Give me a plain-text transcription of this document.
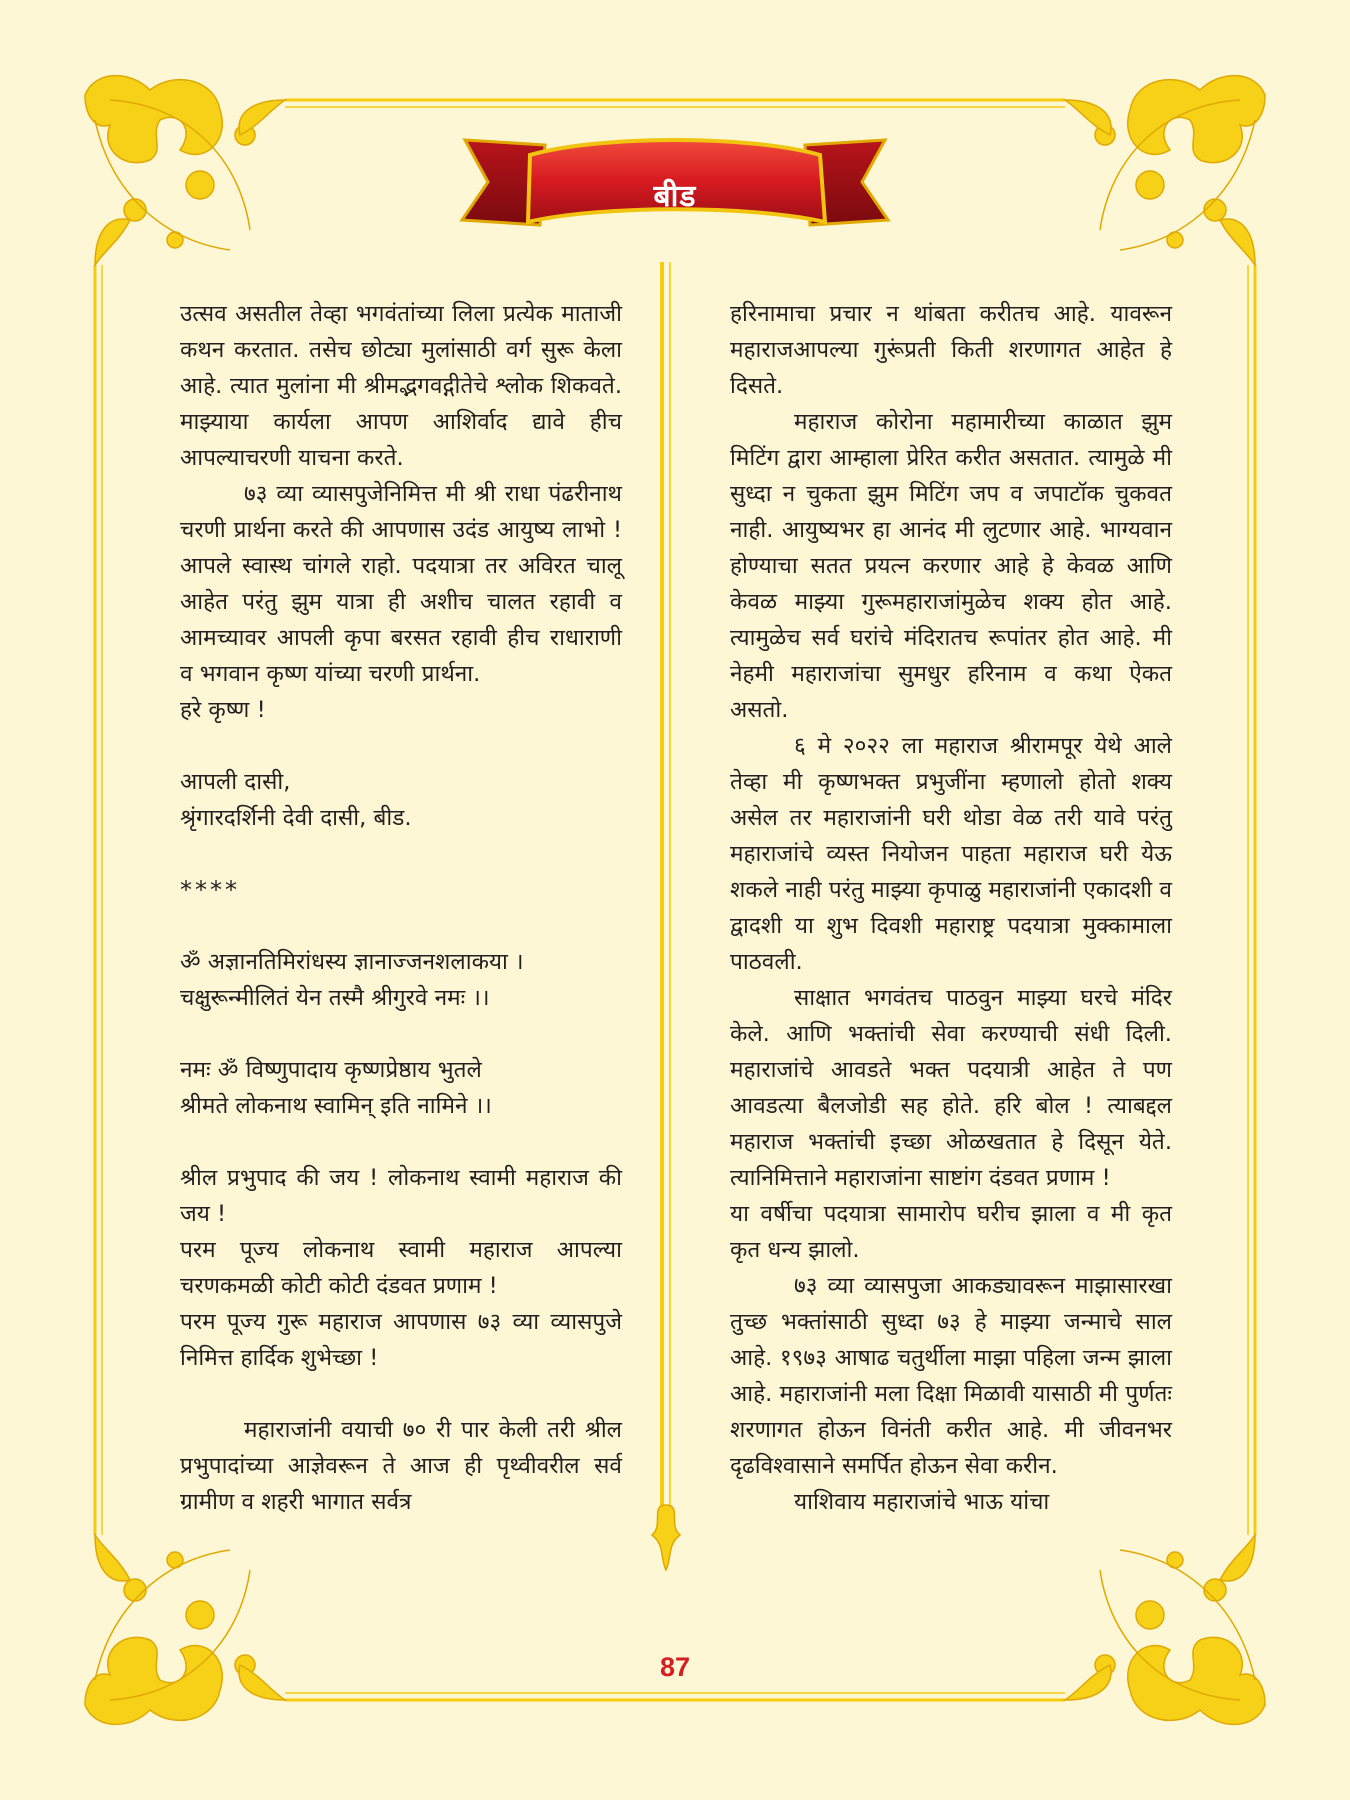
बीड

उत्सव असतील तेव्हा भगवंतांच्या लिला प्रत्येक माताजी कथन करतात. तसेच छोट्या मुलांसाठी वर्ग सुरू केला आहे. त्यात मुलांना मी श्रीमद्भगवद्गीतेचे श्लोक शिकवते. माझ्याया कार्यला आपण आशिर्वाद द्यावे हीच आपल्याचरणी याचना करते.

७३ व्या व्यासपुजेनिमित्त मी श्री राधा पंढरीनाथ चरणी प्रार्थना करते की आपणास उदंड आयुष्य लाभो ! आपले स्वास्थ चांगले राहो. पदयात्रा तर अविरत चालू आहेत परंतु झुम यात्रा ही अशीच चालत रहावी व आमच्यावर आपली कृपा बरसत रहावी हीच राधाराणी व भगवान कृष्ण यांच्या चरणी प्रार्थना.

हरे कृष्ण !

आपली दासी,

श्रृंगारदर्शिनी देवी दासी, बीड.

****

ॐ अज्ञानतिमिरांधस्य ज्ञानाज्जनशलाकया ।

चक्षुरून्मीलितं येन तस्मै श्रीगुरवे नमः ।।

नमः ॐ विष्णुपादाय कृष्णप्रेष्ठाय भुतले

श्रीमते लोकनाथ स्वामिन् इति नामिने ।।

श्रील प्रभुपाद की जय ! लोकनाथ स्वामी महाराज की जय !

परम पूज्य लोकनाथ स्वामी महाराज आपल्या चरणकमळी कोटी कोटी दंडवत प्रणाम !

परम पूज्य गुरू महाराज आपणास ७३ व्या व्यासपुजे निमित्त हार्दिक शुभेच्छा !

महाराजांनी वयाची ७० री पार केली तरी श्रील प्रभुपादांच्या आज्ञेवरून ते आज ही पृथ्वीवरील सर्व ग्रामीण व शहरी भागात सर्वत्र

हरिनामाचा प्रचार न थांबता करीतच आहे. यावरून महाराजआपल्या गुरूंप्रती किती शरणागत आहेत हे दिसते.

महाराज कोरोना महामारीच्या काळात झुम मिटिंग द्वारा आम्हाला प्रेरित करीत असतात. त्यामुळे मी सुध्दा न चुकता झुम मिटिंग जप व जपाटॉक चुकवत नाही. आयुष्यभर हा आनंद मी लुटणार आहे. भाग्यवान होण्याचा सतत प्रयत्न करणार आहे हे केवळ आणि केवळ माझ्या गुरूमहाराजांमुळेच शक्य होत आहे. त्यामुळेच सर्व घरांचे मंदिरातच रूपांतर होत आहे. मी नेहमी महाराजांचा सुमधुर हरिनाम व कथा ऐकत असतो.

६ मे २०२२ ला महाराज श्रीरामपूर येथे आले तेव्हा मी कृष्णभक्त प्रभुजींना म्हणालो होतो शक्य असेल तर महाराजांनी घरी थोडा वेळ तरी यावे परंतु महाराजांचे व्यस्त नियोजन पाहता महाराज घरी येऊ शकले नाही परंतु माझ्या कृपाळु महाराजांनी एकादशी व द्वादशी या शुभ दिवशी महाराष्ट्र पदयात्रा मुक्कामाला पाठवली.

साक्षात भगवंतच पाठवुन माझ्या घरचे मंदिर केले. आणि भक्तांची सेवा करण्याची संधी दिली. महाराजांचे आवडते भक्त पदयात्री आहेत ते पण आवडत्या बैलजोडी सह होते. हरि बोल ! त्याबद्दल महाराज भक्तांची इच्छा ओळखतात हे दिसून येते. त्यानिमित्ताने महाराजांना साष्टांग दंडवत प्रणाम !

या वर्षीचा पदयात्रा सामारोप घरीच झाला व मी कृत कृत धन्य झालो.

७३ व्या व्यासपुजा आकड्यावरून माझासारखा तुच्छ भक्तांसाठी सुध्दा ७३ हे माझ्या जन्माचे साल आहे. १९७३ आषाढ चतुर्थीला माझा पहिला जन्म झाला आहे. महाराजांनी मला दिक्षा मिळावी यासाठी मी पुर्णतः शरणागत होऊन विनंती करीत आहे. मी जीवनभर दृढविश्वासाने समर्पित होऊन सेवा करीन.

याशिवाय महाराजांचे भाऊ यांचा

87
